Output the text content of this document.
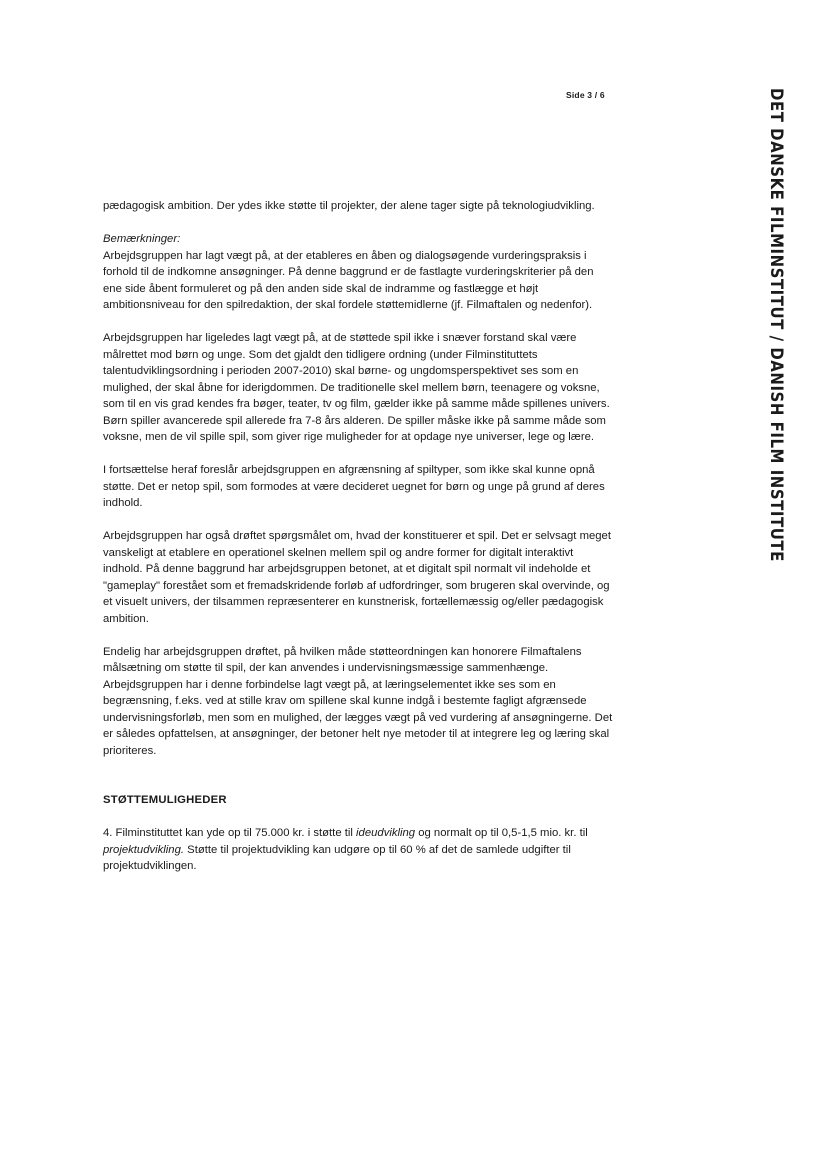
Side 3 / 6	DET DANSKE FILMINSTITUT / DANISH FILM INSTITUTE

pædagogisk ambition. Der ydes ikke støtte til projekter, der alene tager sigte på teknologiudvikling.

Bemærkninger:

Arbejdsgruppen har lagt vægt på, at der etableres en åben og dialogsøgende vurderingspraksis i forhold til de indkomne ansøgninger. På denne baggrund er de fastlagte vurderingskriterier på den ene side åbent formuleret og på den anden side skal de indramme og fastlægge et højt ambitionsniveau for den spilredaktion, der skal fordele støttemidlerne (jf. Filmaftalen og nedenfor).

Arbejdsgruppen har ligeledes lagt vægt på, at de støttede spil ikke i snæver forstand skal være målrettet mod børn og unge. Som det gjaldt den tidligere ordning (under Filminstituttets talentudviklingsordning i perioden 2007-2010) skal børne- og ungdomsperspektivet ses som en mulighed, der skal åbne for iderigdommen. De traditionelle skel mellem børn, teenagere og voksne, som til en vis grad kendes fra bøger, teater, tv og film, gælder ikke på samme måde spillenes univers. Børn spiller avancerede spil allerede fra 7-8 års alderen. De spiller måske ikke på samme måde som voksne, men de vil spille spil, som giver rige muligheder for at opdage nye universer, lege og lære.

I fortsættelse heraf foreslår arbejdsgruppen en afgrænsning af spiltyper, som ikke skal kunne opnå støtte. Det er netop spil, som formodes at være decideret uegnet for børn og unge på grund af deres indhold.

Arbejdsgruppen har også drøftet spørgsmålet om, hvad der konstituerer et spil. Det er selvsagt meget vanskeligt at etablere en operationel skelnen mellem spil og andre former for digitalt interaktivt indhold. På denne baggrund har arbejdsgruppen betonet, at et digitalt spil normalt vil indeholde et "gameplay" forestået som et fremadskridende forløb af udfordringer, som brugeren skal overvinde, og et visuelt univers, der tilsammen repræsenterer en kunstnerisk, fortællemæssig og/eller pædagogisk ambition.

Endelig har arbejdsgruppen drøftet, på hvilken måde støtteordningen kan honorere Filmaftalens målsætning om støtte til spil, der kan anvendes i undervisningsmæssige sammenhænge. Arbejdsgruppen har i denne forbindelse lagt vægt på, at læringselementet ikke ses som en begrænsning, f.eks. ved at stille krav om spillene skal kunne indgå i bestemte fagligt afgrænsede undervisningsforløb, men som en mulighed, der lægges vægt på ved vurdering af ansøgningerne. Det er således opfattelsen, at ansøgninger, der betoner helt nye metoder til at integrere leg og læring skal prioriteres.

STØTTEMULIGHEDER

4. Filminstituttet kan yde op til 75.000 kr. i støtte til ideudvikling og normalt op til 0,5-1,5 mio. kr. til projektudvikling. Støtte til projektudvikling kan udgøre op til 60 % af det de samlede udgifter til projektudviklingen.
